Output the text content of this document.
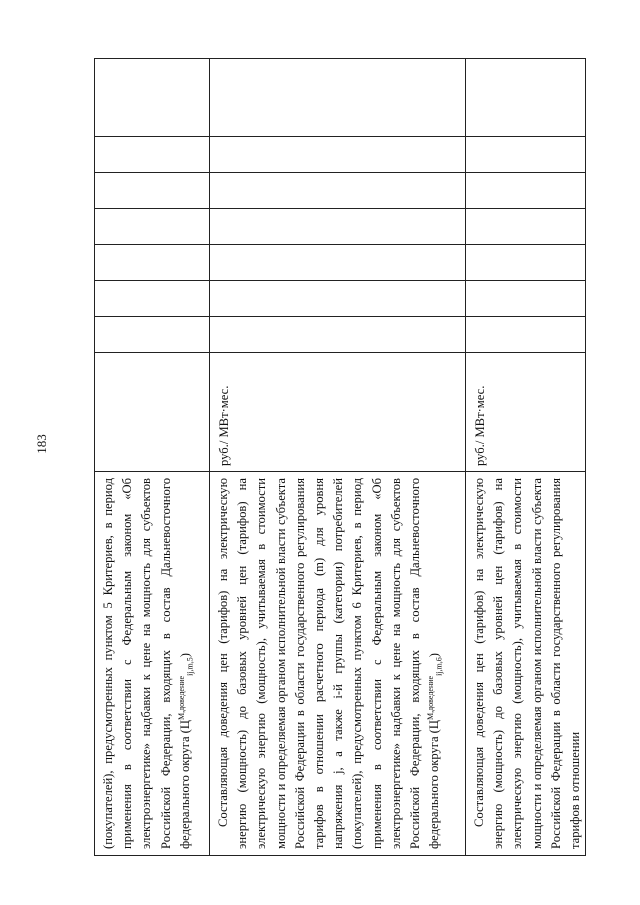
183

(покупателей), предусмотренных пунктом 5 Критериев, в период применения в соответствии с Федеральным законом «Об электроэнергетике» надбавки к цене на мощность для субъектов Российской Федерации, входящих в состав Дальневосточного федерального округа $(Ц^{М,доведение}_{ij,m,5})$								

Составляющая доведения цен (тарифов) на электрическую энергию (мощность) до базовых уровней цен (тарифов) на электрическую энергию (мощность), учитываемая в стоимости мощности и определяемая органом исполнительной власти субъекта Российской Федерации в области государственного регулирования тарифов в отношении расчетного периода (m) для уровня напряжения j, а также i-й группы (категории) потребителей (покупателей), предусмотренных пунктом 6 Критериев, в период применения в соответствии с Федеральным законом «Об электроэнергетике» надбавки к цене на мощность для субъектов Российской Федерации, входящих в состав Дальневосточного федерального округа $(Ц^{М,доведение}_{ij,m,6})$	руб./ МВт·мес.							

Составляющая доведения цен (тарифов) на электрическую энергию (мощность) до базовых уровней цен (тарифов) на электрическую энергию (мощность), учитываемая в стоимости мощности и определяемая органом исполнительной власти субъекта Российской Федерации в области государственного регулирования тарифов в отношении	руб./ МВт·мес.							
